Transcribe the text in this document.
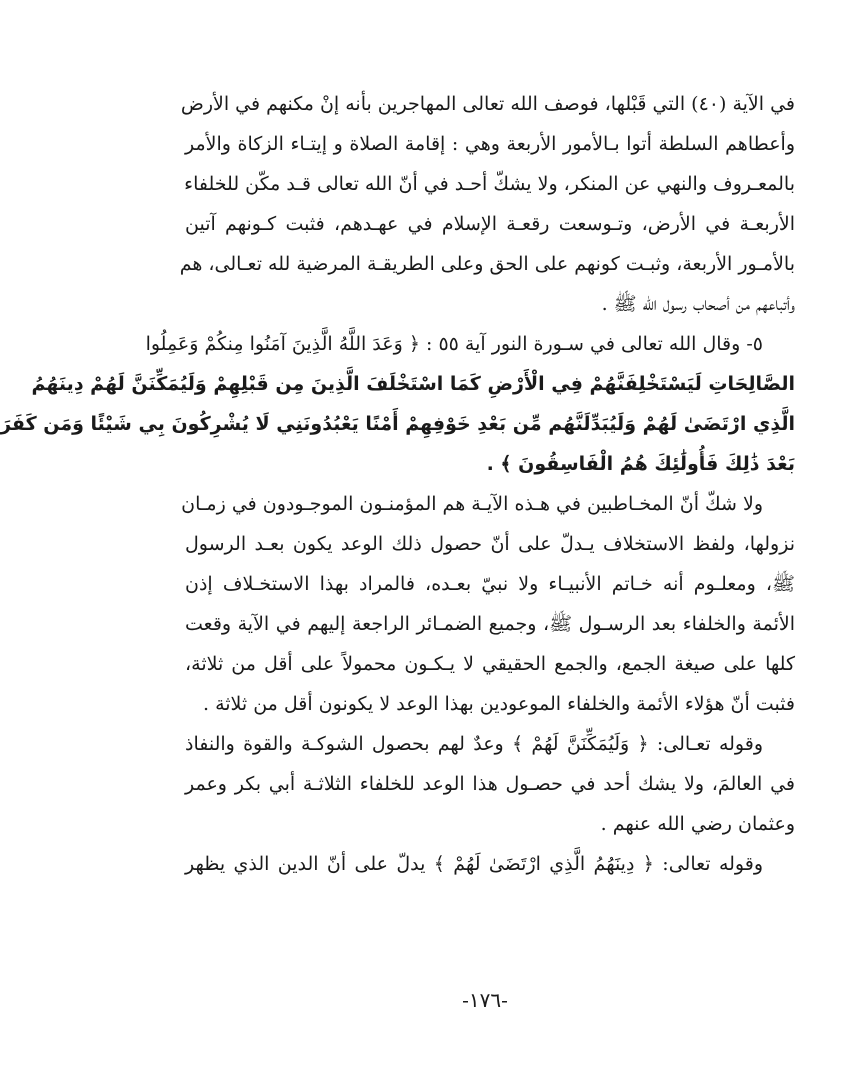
في الآية (٤٠) التي قَبْلها، فوصف الله تعالى المهاجرين بأنه إنْ مكنهم في الأرض
وأعطاهم السلطة أتوا بـالأمور الأربعة وهي : إقامة الصلاة و إيتـاء الزكاة والأمر
بالمعـروف والنهي عن المنكر، ولا يشكّ أحـد في أنّ الله تعالى قـد مكّن للخلفاء
الأربعـة في الأرض، وتـوسعت رقعـة الإسلام في عهـدهم، فثبت كـونهم آتين
بالأمـور الأربعة، وثبـت كونهم على الحق وعلى الطريقـة المرضية لله تعـالى، هم
وأتباعهم من أصحاب رسول الله ﷺ .
٥- وقال الله تعالى في سـورة النور آية ٥٥ : ﴿ وَعَدَ اللَّهُ الَّذِينَ آمَنُوا مِنكُمْ وَعَمِلُوا
الصَّالِحَاتِ لَيَسْتَخْلِفَنَّهُمْ فِي الْأَرْضِ كَمَا اسْتَخْلَفَ الَّذِينَ مِن قَبْلِهِمْ وَلَيُمَكِّنَنَّ لَهُمْ دِينَهُمُ
الَّذِي ارْتَضَىٰ لَهُمْ وَلَيُبَدِّلَنَّهُم مِّن بَعْدِ خَوْفِهِمْ أَمْنًا يَعْبُدُونَنِي لَا يُشْرِكُونَ بِي شَيْئًا وَمَن كَفَرَ
بَعْدَ ذَٰلِكَ فَأُولَٰئِكَ هُمُ الْفَاسِقُونَ ﴾ .
ولا شكّ أنّ المخـاطبين في هـذه الآيـة هم المؤمنـون الموجـودون في زمـان
نزولها، ولفظ الاستخلاف يـدلّ على أنّ حصول ذلك الوعد يكون بعـد الرسول
ﷺ، ومعلـوم أنه خـاتم الأنبيـاء ولا نبيّ بعـده، فالمراد بهذا الاستخـلاف إذن
الأئمة والخلفاء بعد الرسـول ﷺ، وجميع الضمـائر الراجعة إليهم في الآية وقعت
كلها على صيغة الجمع، والجمع الحقيقي لا يـكـون محمولاً على أقل من ثلاثة،
فثبت أنّ هؤلاء الأئمة والخلفاء الموعودين بهذا الوعد لا يكونون أقل من ثلاثة .
وقوله تعـالى: ﴿ وَلَيُمَكِّنَنَّ لَهُمْ ﴾ وعدٌ لهم بحصول الشوكـة والقوة والنفاذ
في العالمَ، ولا يشك أحد في حصـول هذا الوعد للخلفاء الثلاثـة أبي بكر وعمر
وعثمان رضي الله عنهم .
وقوله تعالى: ﴿ دِينَهُمُ الَّذِي ارْتَضَىٰ لَهُمْ ﴾ يدلّ على أنّ الدين الذي يظهر
-١٧٦-
